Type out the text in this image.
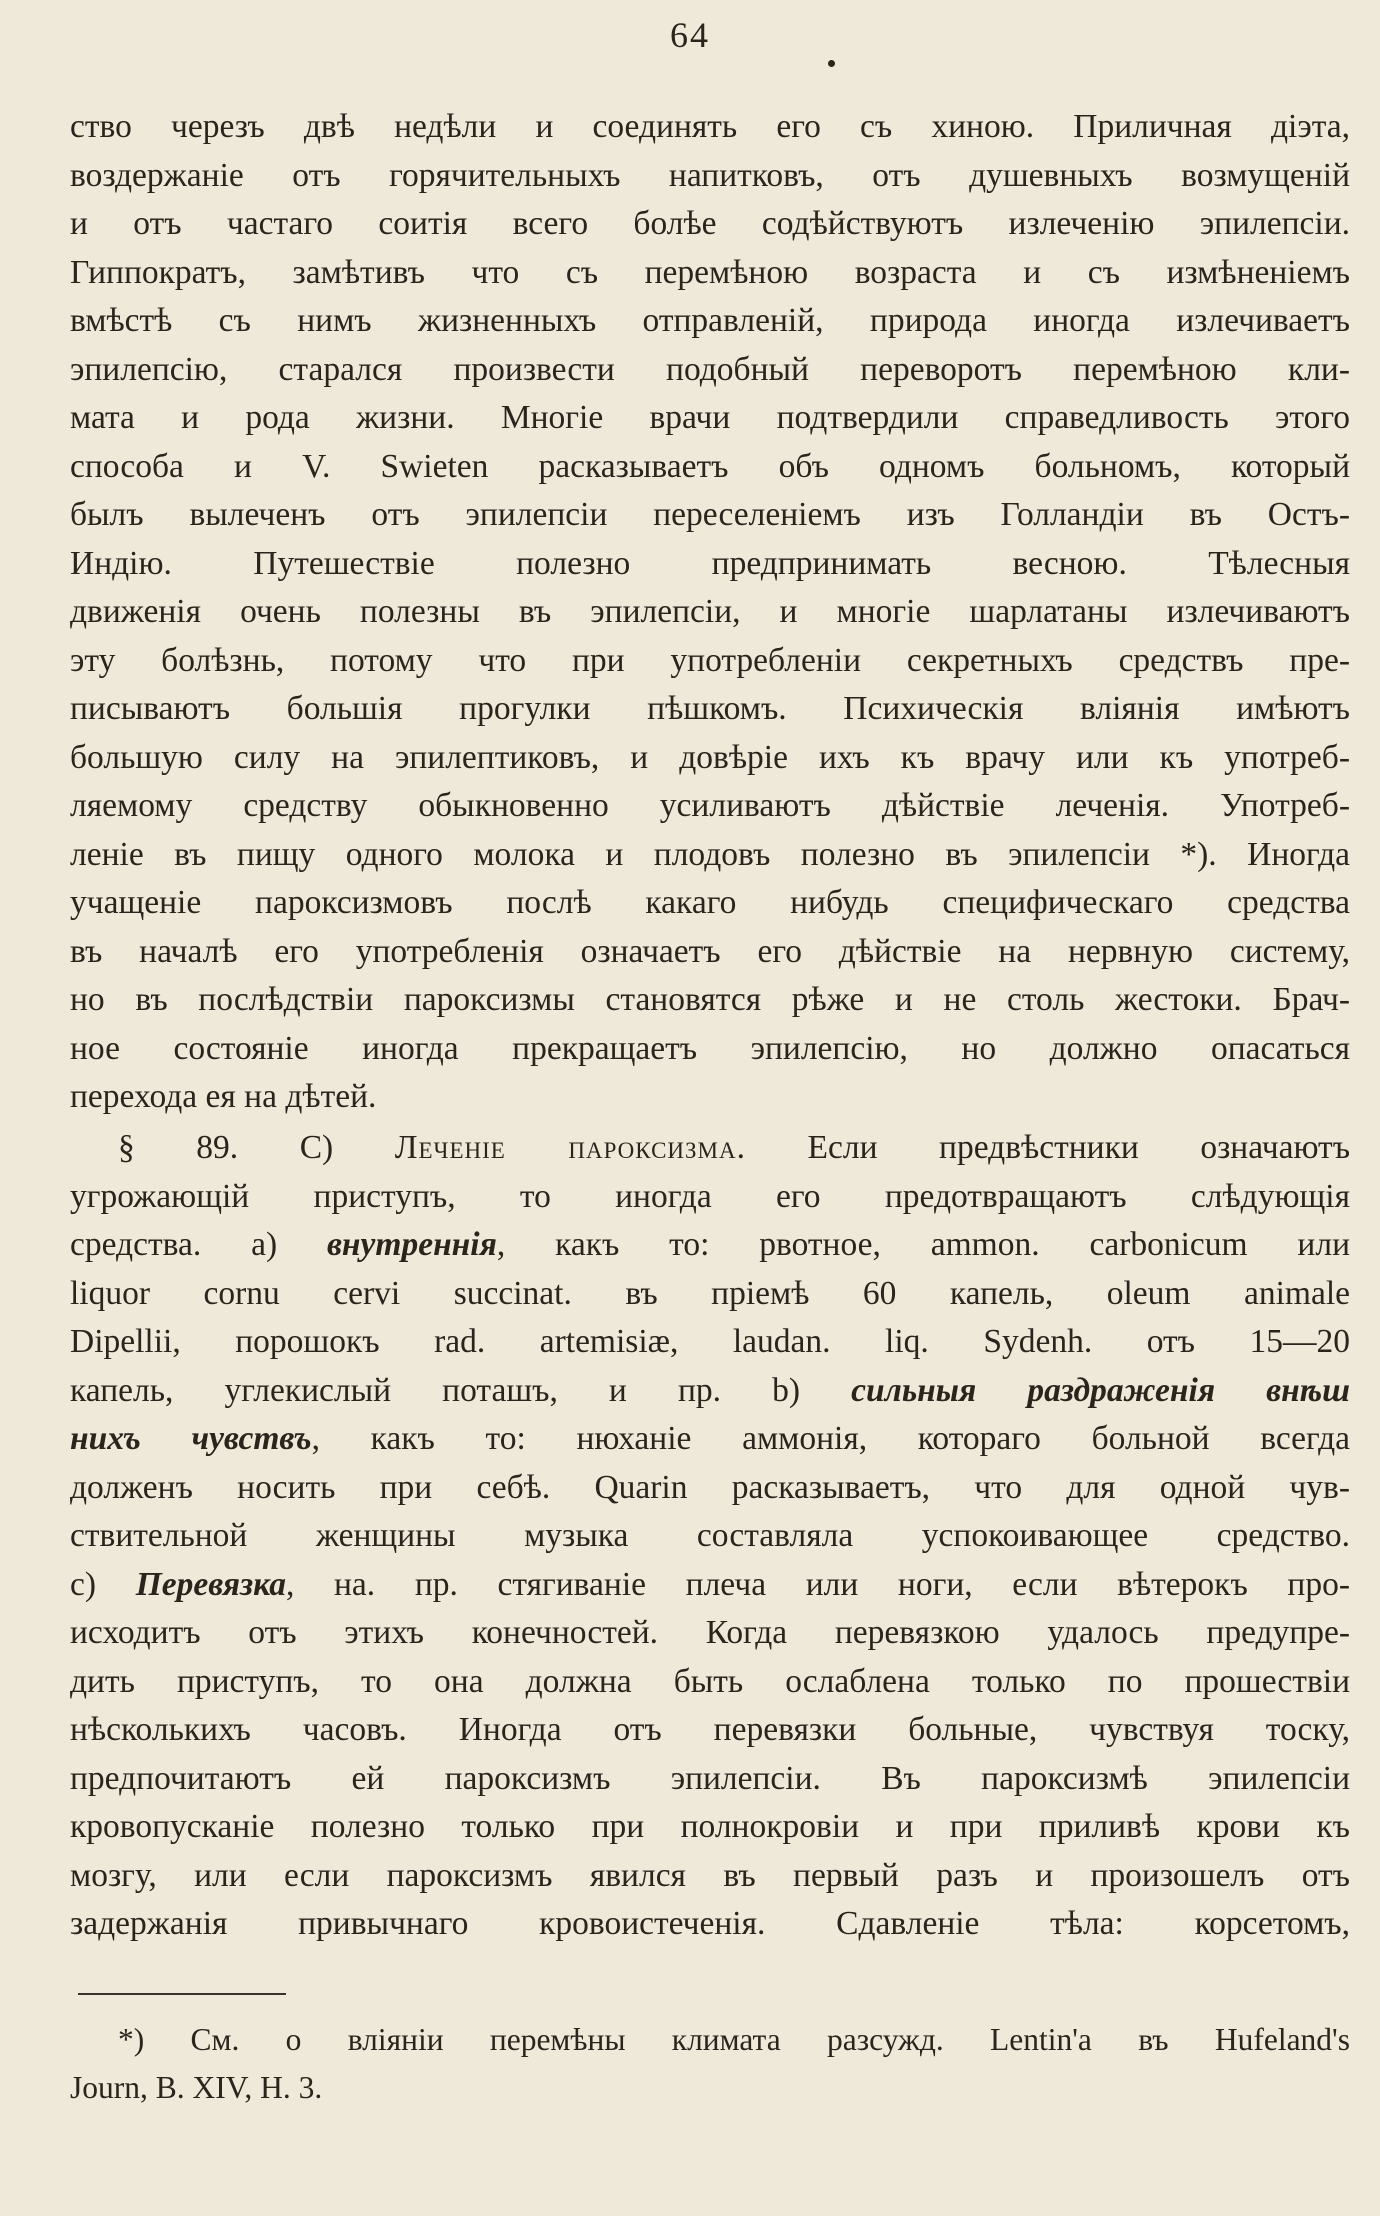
64
ство черезъ двѣ недѣли и соединять его съ хиною. Приличная діэта,
воздержаніе отъ горячительныхъ напитковъ, отъ душевныхъ возмущеній
и отъ частаго соитія всего болѣе содѣйствуютъ излеченію эпилепсіи.
Гиппократъ, замѣтивъ что съ перемѣною возраста и съ измѣненіемъ
вмѣстѣ съ нимъ жизненныхъ отправленій, природа иногда излечиваетъ
эпилепсію, старался произвести подобный переворотъ перемѣною кли-
мата и рода жизни. Многіе врачи подтвердили справедливость этого
способа и V. Swieten расказываетъ объ одномъ больномъ, который
былъ вылеченъ отъ эпилепсіи переселеніемъ изъ Голландіи въ Остъ-
Индію. Путешествіе полезно предпринимать весною. Тѣлесныя
движенія очень полезны въ эпилепсіи, и многіе шарлатаны излечиваютъ
эту болѣзнь, потому что при употребленіи секретныхъ средствъ пре-
писываютъ большія прогулки пѣшкомъ. Психическія вліянія имѣютъ
большую силу на эпилептиковъ, и довѣріе ихъ къ врачу или къ употреб-
ляемому средству обыкновенно усиливаютъ дѣйствіе леченія. Употреб-
леніе въ пищу одного молока и плодовъ полезно въ эпилепсіи *). Иногда
учащеніе пароксизмовъ послѣ какаго нибудь специфическаго средства
въ началѣ его употребленія означаетъ его дѣйствіе на нервную систему,
но въ послѣдствіи пароксизмы становятся рѣже и не столь жестоки. Брач-
ное состояніе иногда прекращаетъ эпилепсію, но должно опасаться
перехода ея на дѣтей.
§ 89. C) Леченіе пароксизма. Если предвѣстники означаютъ
угрожающій приступъ, то иногда его предотвращаютъ слѣдующія
средства. a) внутреннія, какъ то: рвотное, ammon. carbonicum или
liquor cornu cervi succinat. въ пріемѣ 60 капель, oleum animale
Dipellii, порошокъ rad. artemisiæ, laudan. liq. Sydenh. отъ 15—20
капель, углекислый поташъ, и пр. b) сильныя раздраженія внѣш
нихъ чувствъ, какъ то: нюханіе аммонія, котораго больной всегда
долженъ носить при себѣ. Quarin расказываетъ, что для одной чув-
ствительной женщины музыка составляла успокоивающее средство.
c) Перевязка, на. пр. стягиваніе плеча или ноги, если вѣтерокъ про-
исходитъ отъ этихъ конечностей. Когда перевязкою удалось предупре-
дить приступъ, то она должна быть ослаблена только по прошествіи
нѣсколькихъ часовъ. Иногда отъ перевязки больные, чувствуя тоску,
предпочитаютъ ей пароксизмъ эпилепсіи. Въ пароксизмѣ эпилепсіи
кровопусканіе полезно только при полнокровіи и при приливѣ крови къ
мозгу, или если пароксизмъ явился въ первый разъ и произошелъ отъ
задержанія привычнаго кровоистеченія. Сдавленіе тѣла: корсетомъ,
*) См. о вліяніи перемѣны климата разсужд. Lentin'a въ Hufeland's
Journ, B. XIV, H. 3.
